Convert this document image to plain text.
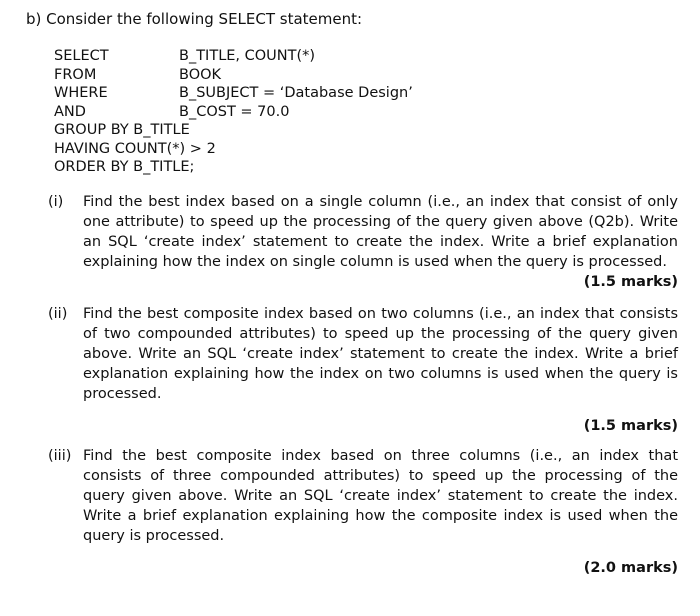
b) Consider the following SELECT statement:
SELECT	B_TITLE, COUNT(*)
FROM	BOOK
WHERE	B_SUBJECT = ‘Database Design’
AND	B_COST = 70.0
GROUP BY B_TITLE
HAVING COUNT(*) > 2
ORDER BY B_TITLE;
(i) Find the best index based on a single column (i.e., an index that consist of only one attribute) to speed up the processing of the query given above (Q2b). Write an SQL ‘create index’ statement to create the index. Write a brief explanation explaining how the index on single column is used when the query is processed.
(1.5 marks)
(ii) Find the best composite index based on two columns (i.e., an index that consists of two compounded attributes) to speed up the processing of the query given above. Write an SQL ‘create index’ statement to create the index. Write a brief explanation explaining how the index on two columns is used when the query is processed.
(1.5 marks)
(iii) Find the best composite index based on three columns (i.e., an index that consists of three compounded attributes) to speed up the processing of the query given above. Write an SQL ‘create index’ statement to create the index. Write a brief explanation explaining how the composite index is used when the query is processed.
(2.0 marks)
